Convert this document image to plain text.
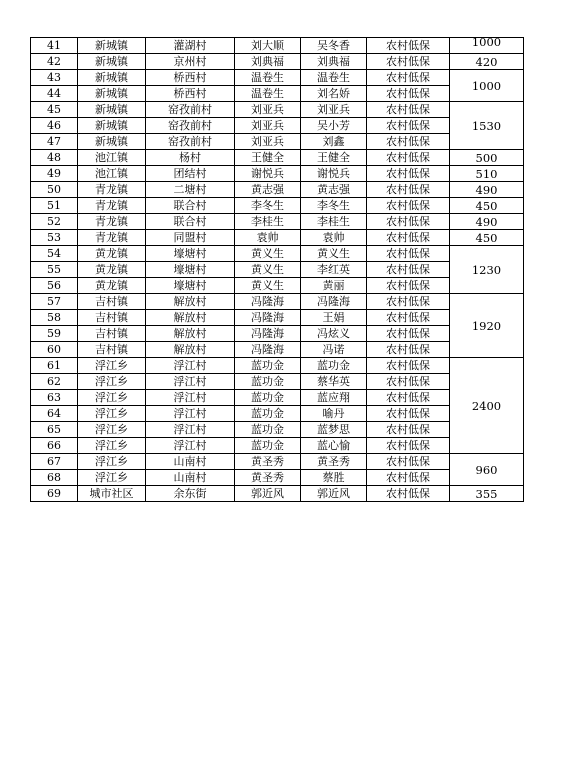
41	新城镇	灌湖村	刘大顺	吴冬香	农村低保	1000
42	新城镇	京州村	刘典福	刘典福	农村低保	420
43	新城镇	桥西村	温卷生	温卷生	农村低保	1000
44	新城镇	桥西村	温卷生	刘名娇	农村低保	
45	新城镇	窑孜前村	刘亚兵	刘亚兵	农村低保	1530
46	新城镇	窑孜前村	刘亚兵	吴小芳	农村低保	
47	新城镇	窑孜前村	刘亚兵	刘鑫	农村低保	
48	池江镇	杨村	王健全	王健全	农村低保	500
49	池江镇	团结村	谢悦兵	谢悦兵	农村低保	510
50	青龙镇	二塘村	黄志强	黄志强	农村低保	490
51	青龙镇	联合村	李冬生	李冬生	农村低保	450
52	青龙镇	联合村	李桂生	李桂生	农村低保	490
53	青龙镇	同盟村	袁帅	袁帅	农村低保	450
54	黄龙镇	壕塘村	黄义生	黄义生	农村低保	1230
55	黄龙镇	壕塘村	黄义生	李红英	农村低保	
56	黄龙镇	壕塘村	黄义生	黄丽	农村低保	
57	吉村镇	解放村	冯隆海	冯隆海	农村低保	1920
58	吉村镇	解放村	冯隆海	王娟	农村低保	
59	吉村镇	解放村	冯隆海	冯炫义	农村低保	
60	吉村镇	解放村	冯隆海	冯诺	农村低保	
61	浮江乡	浮江村	蓝功金	蓝功金	农村低保	2400
62	浮江乡	浮江村	蓝功金	蔡华英	农村低保	
63	浮江乡	浮江村	蓝功金	蓝应翔	农村低保	
64	浮江乡	浮江村	蓝功金	喻丹	农村低保	
65	浮江乡	浮江村	蓝功金	蓝梦思	农村低保	
66	浮江乡	浮江村	蓝功金	蓝心愉	农村低保	
67	浮江乡	山南村	黄圣秀	黄圣秀	农村低保	960
68	浮江乡	山南村	黄圣秀	蔡胜	农村低保	
69	城市社区	余东街	郭近风	郭近风	农村低保	355
